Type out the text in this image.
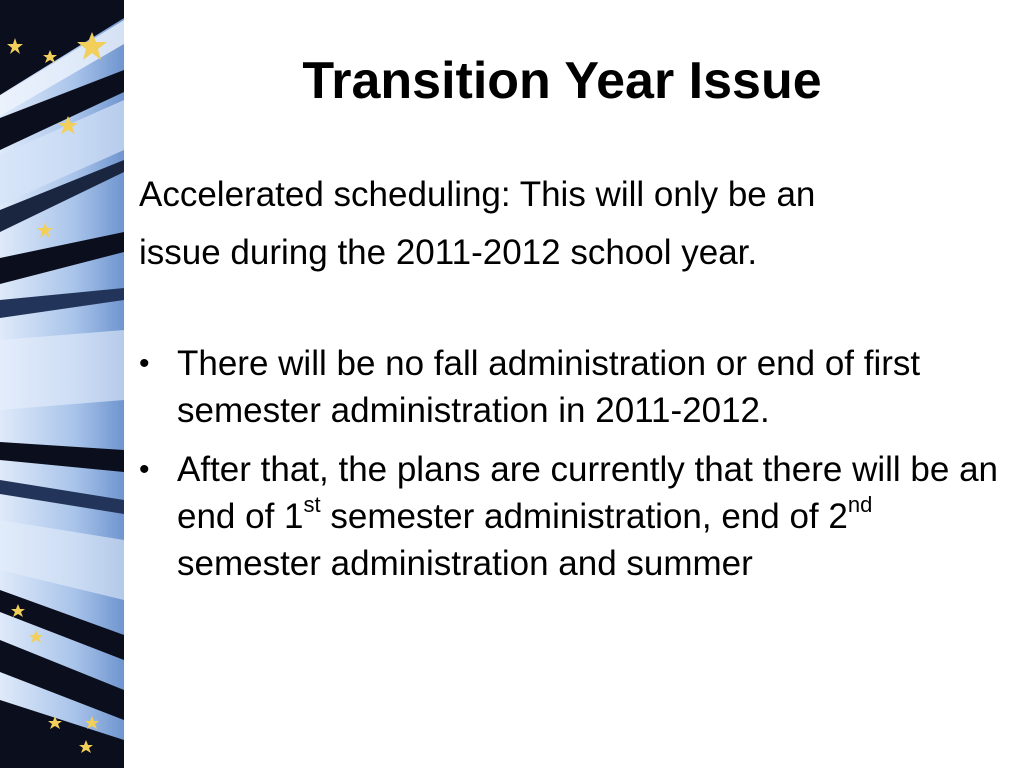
Transition Year Issue

Accelerated scheduling: This will only be an
issue during the 2011-2012 school year.

• There will be no fall administration or end of first semester administration in 2011-2012.
• After that, the plans are currently that there will be an end of 1st semester administration, end of 2nd semester administration and summer
